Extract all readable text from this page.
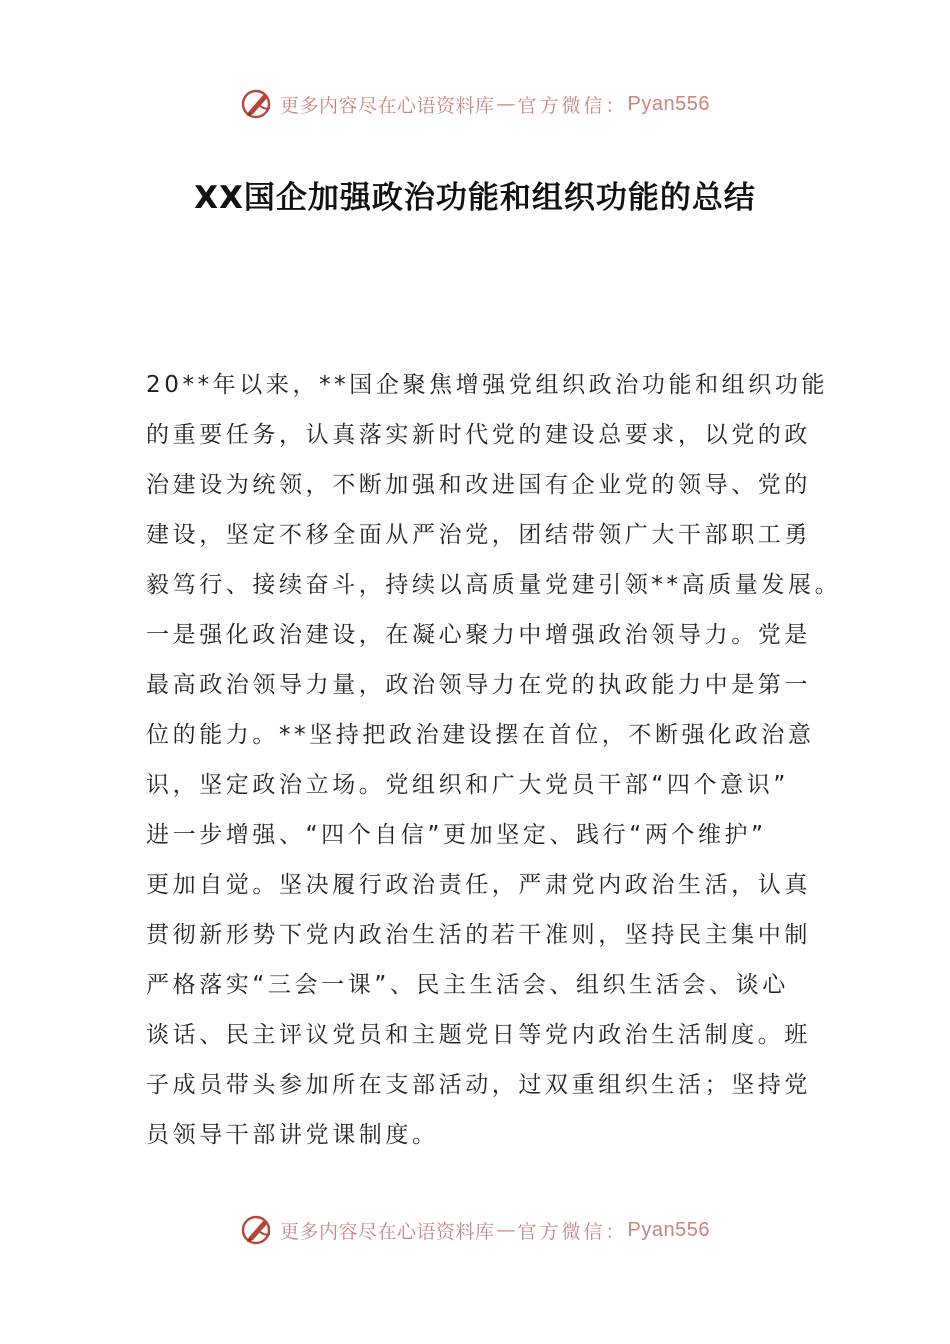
更多内容尽在心语资料库 — 官方微信： Pyan556
XX国企加强政治功能和组织功能的总结
20**年以来，**国企聚焦增强党组织政治功能和组织功能
的重要任务，认真落实新时代党的建设总要求，以党的政
治建设为统领，不断加强和改进国有企业党的领导、党的
建设，坚定不移全面从严治党，团结带领广大干部职工勇
毅笃行、接续奋斗，持续以高质量党建引领**高质量发展。
一是强化政治建设，在凝心聚力中增强政治领导力。党是
最高政治领导力量，政治领导力在党的执政能力中是第一
位的能力。**坚持把政治建设摆在首位，不断强化政治意
识，坚定政治立场。党组织和广大党员干部“四个意识”
进一步增强、“四个自信”更加坚定、践行“两个维护”
更加自觉。坚决履行政治责任，严肃党内政治生活，认真
贯彻新形势下党内政治生活的若干准则，坚持民主集中制
严格落实“三会一课”、民主生活会、组织生活会、谈心
谈话、民主评议党员和主题党日等党内政治生活制度。班
子成员带头参加所在支部活动，过双重组织生活；坚持党
员领导干部讲党课制度。
更多内容尽在心语资料库 — 官方微信： Pyan556
